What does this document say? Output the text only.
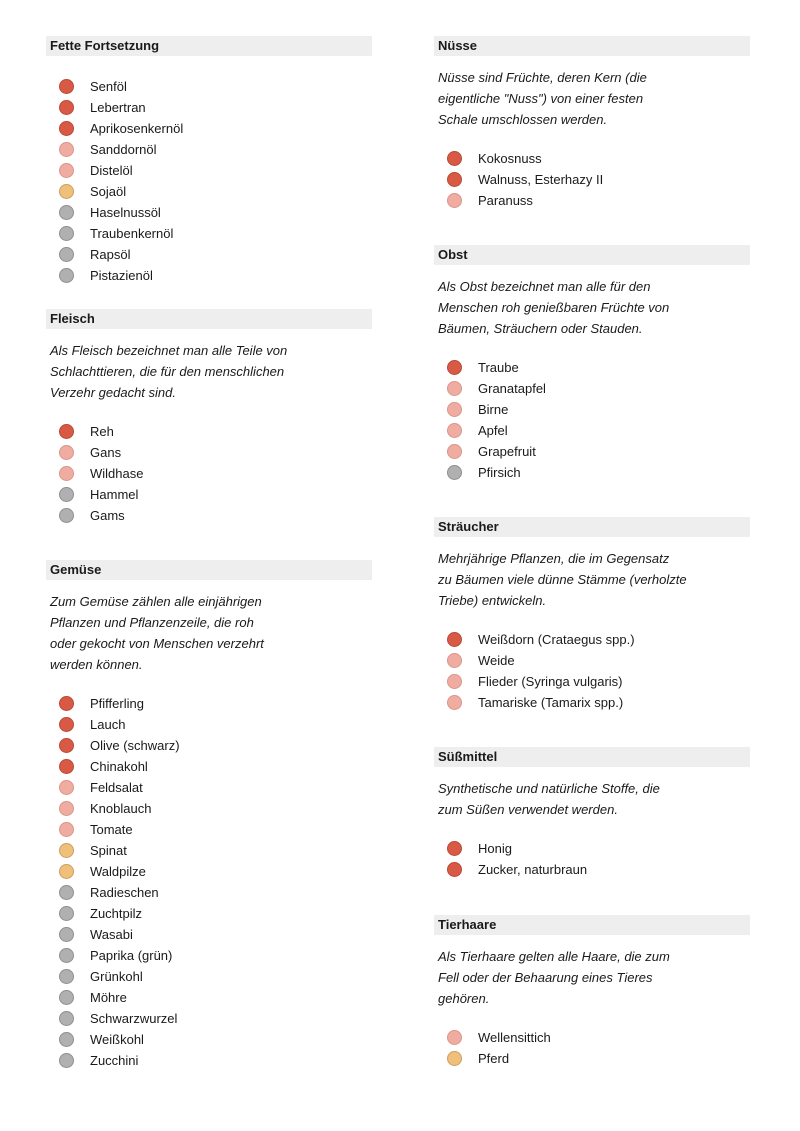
Fette Fortsetzung
Senföl
Lebertran
Aprikosenkernöl
Sanddornöl
Distelöl
Sojaöl
Haselnussöl
Traubenkernöl
Rapsöl
Pistazienöl
Fleisch
Als Fleisch bezeichnet man alle Teile von
Schlachttieren, die für den menschlichen
Verzehr gedacht sind.
Reh
Gans
Wildhase
Hammel
Gams
Gemüse
Zum Gemüse zählen alle einjährigen
Pflanzen und Pflanzenzeile, die roh
oder gekocht von Menschen verzehrt
werden können.
Pfifferling
Lauch
Olive (schwarz)
Chinakohl
Feldsalat
Knoblauch
Tomate
Spinat
Waldpilze
Radieschen
Zuchtpilz
Wasabi
Paprika (grün)
Grünkohl
Möhre
Schwarzwurzel
Weißkohl
Zucchini
Nüsse
Nüsse sind Früchte, deren Kern (die
eigentliche "Nuss") von einer festen
Schale umschlossen werden.
Kokosnuss
Walnuss, Esterhazy II
Paranuss
Obst
Als Obst bezeichnet man alle für den
Menschen roh genießbaren Früchte von
Bäumen, Sträuchern oder Stauden.
Traube
Granatapfel
Birne
Apfel
Grapefruit
Pfirsich
Sträucher
Mehrjährige Pflanzen, die im Gegensatz
zu Bäumen viele dünne Stämme (verholzte
Triebe) entwickeln.
Weißdorn (Crataegus spp.)
Weide
Flieder (Syringa vulgaris)
Tamariske (Tamarix spp.)
Süßmittel
Synthetische und natürliche Stoffe, die
zum Süßen verwendet werden.
Honig
Zucker, naturbraun
Tierhaare
Als Tierhaare gelten alle Haare, die zum
Fell oder der Behaarung eines Tieres
gehören.
Wellensittich
Pferd
